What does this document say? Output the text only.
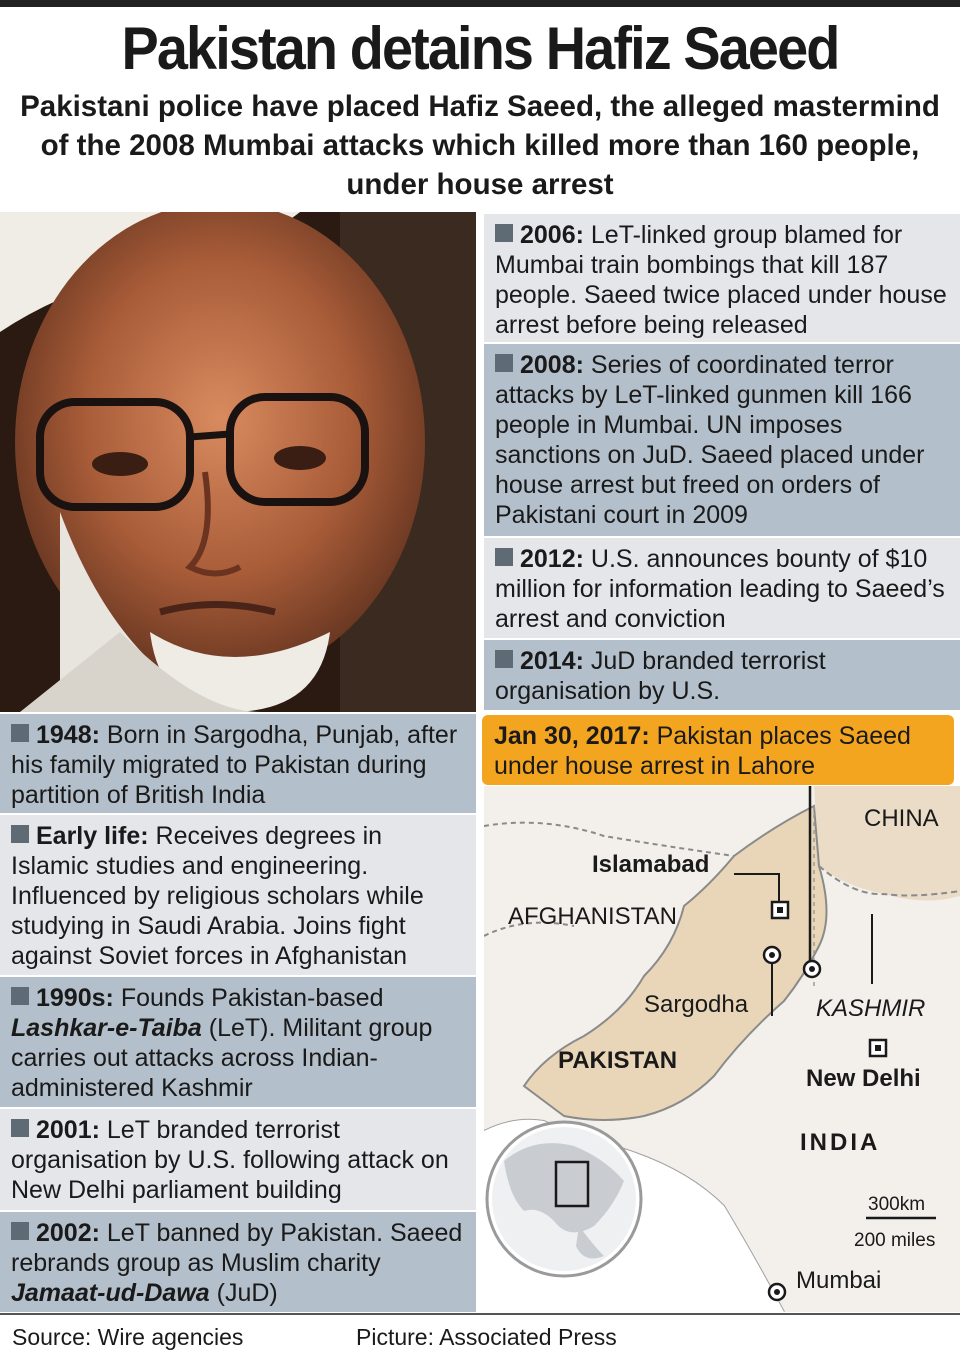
Pakistan detains Hafiz Saeed
Pakistani police have placed Hafiz Saeed, the alleged mastermind of the 2008 Mumbai attacks which killed more than 160 people, under house arrest
2006: LeT-linked group blamed for Mumbai train bombings that kill 187 people. Saeed twice placed under house arrest before being released
2008: Series of coordinated terror attacks by LeT-linked gunmen kill 166 people in Mumbai. UN imposes sanctions on JuD. Saeed placed under house arrest but freed on orders of Pakistani court in 2009
2012: U.S. announces bounty of $10 million for information leading to Saeed’s arrest and conviction
2014: JuD branded terrorist organisation by U.S.
Jan 30, 2017: Pakistan places Saeed under house arrest in Lahore
1948: Born in Sargodha, Punjab, after his family migrated to Pakistan during partition of British India
Early life: Receives degrees in Islamic studies and engineering. Influenced by religious scholars while studying in Saudi Arabia. Joins fight against Soviet forces in Afghanistan
1990s: Founds Pakistan-based Lashkar-e-Taiba (LeT). Militant group carries out attacks across Indian-administered Kashmir
2001: LeT branded terrorist organisation by U.S. following attack on New Delhi parliament building
2002: LeT banned by Pakistan. Saeed rebrands group as Muslim charity Jamaat-ud-Dawa (JuD)
CHINA
Islamabad
AFGHANISTAN
Sargodha	KASHMIR
PAKISTAN
New Delhi
INDIA
300km
200 miles
Mumbai
Source: Wire agencies	Picture: Associated Press
